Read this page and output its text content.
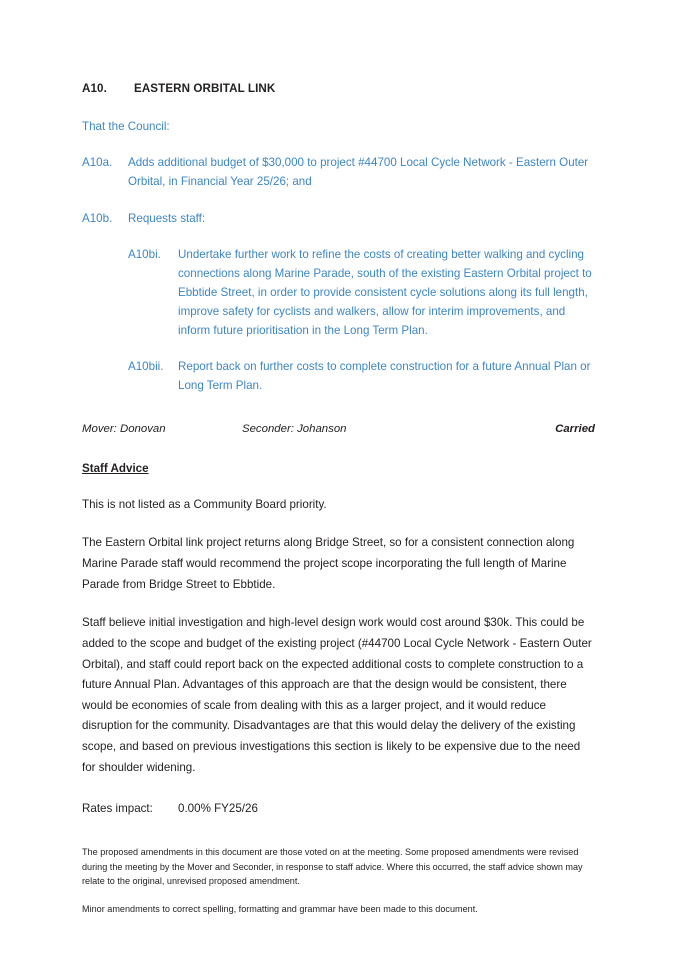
A10.	EASTERN ORBITAL LINK
That the Council:
A10a.	Adds additional budget of $30,000 to project #44700 Local Cycle Network - Eastern Outer Orbital, in Financial Year 25/26; and
A10b.	Requests staff:
A10bi.	Undertake further work to refine the costs of creating better walking and cycling connections along Marine Parade, south of the existing Eastern Orbital project to Ebbtide Street, in order to provide consistent cycle solutions along its full length, improve safety for cyclists and walkers, allow for interim improvements, and inform future prioritisation in the Long Term Plan.
A10bii.	Report back on further costs to complete construction for a future Annual Plan or Long Term Plan.
Mover: Donovan	Seconder: Johanson	Carried
Staff Advice
This is not listed as a Community Board priority.
The Eastern Orbital link project returns along Bridge Street, so for a consistent connection along Marine Parade staff would recommend the project scope incorporating the full length of Marine Parade from Bridge Street to Ebbtide.
Staff believe initial investigation and high-level design work would cost around $30k. This could be added to the scope and budget of the existing project (#44700 Local Cycle Network - Eastern Outer Orbital), and staff could report back on the expected additional costs to complete construction to a future Annual Plan. Advantages of this approach are that the design would be consistent, there would be economies of scale from dealing with this as a larger project, and it would reduce disruption for the community. Disadvantages are that this would delay the delivery of the existing scope, and based on previous investigations this section is likely to be expensive due to the need for shoulder widening.
Rates impact:	0.00% FY25/26
The proposed amendments in this document are those voted on at the meeting. Some proposed amendments were revised during the meeting by the Mover and Seconder, in response to staff advice. Where this occurred, the staff advice shown may relate to the original, unrevised proposed amendment.
Minor amendments to correct spelling, formatting and grammar have been made to this document.
